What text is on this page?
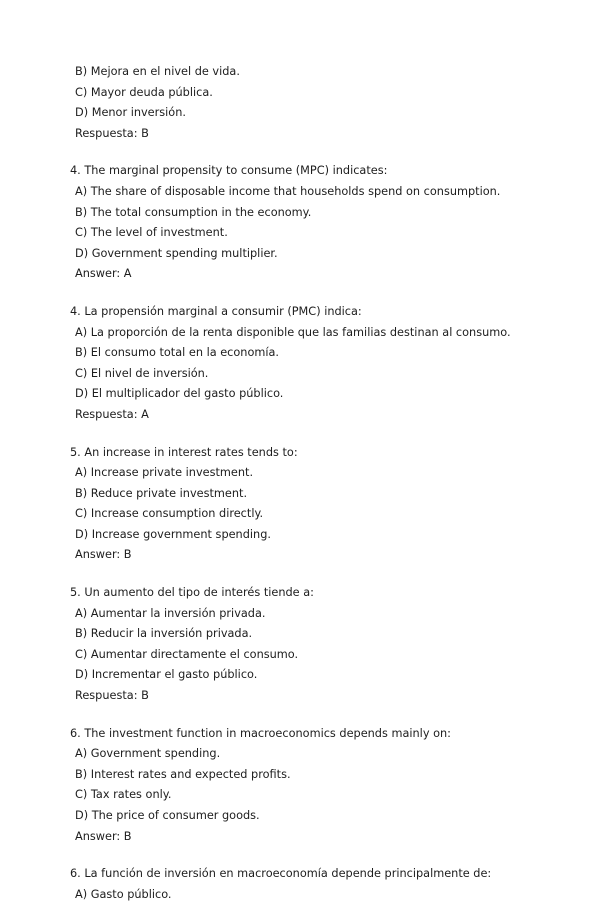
B) Mejora en el nivel de vida.
C) Mayor deuda pública.
D) Menor inversión.
Respuesta: B
4. The marginal propensity to consume (MPC) indicates:
A) The share of disposable income that households spend on consumption.
B) The total consumption in the economy.
C) The level of investment.
D) Government spending multiplier.
Answer: A
4. La propensión marginal a consumir (PMC) indica:
A) La proporción de la renta disponible que las familias destinan al consumo.
B) El consumo total en la economía.
C) El nivel de inversión.
D) El multiplicador del gasto público.
Respuesta: A
5. An increase in interest rates tends to:
A) Increase private investment.
B) Reduce private investment.
C) Increase consumption directly.
D) Increase government spending.
Answer: B
5. Un aumento del tipo de interés tiende a:
A) Aumentar la inversión privada.
B) Reducir la inversión privada.
C) Aumentar directamente el consumo.
D) Incrementar el gasto público.
Respuesta: B
6. The investment function in macroeconomics depends mainly on:
A) Government spending.
B) Interest rates and expected profits.
C) Tax rates only.
D) The price of consumer goods.
Answer: B
6. La función de inversión en macroeconomía depende principalmente de:
A) Gasto público.
